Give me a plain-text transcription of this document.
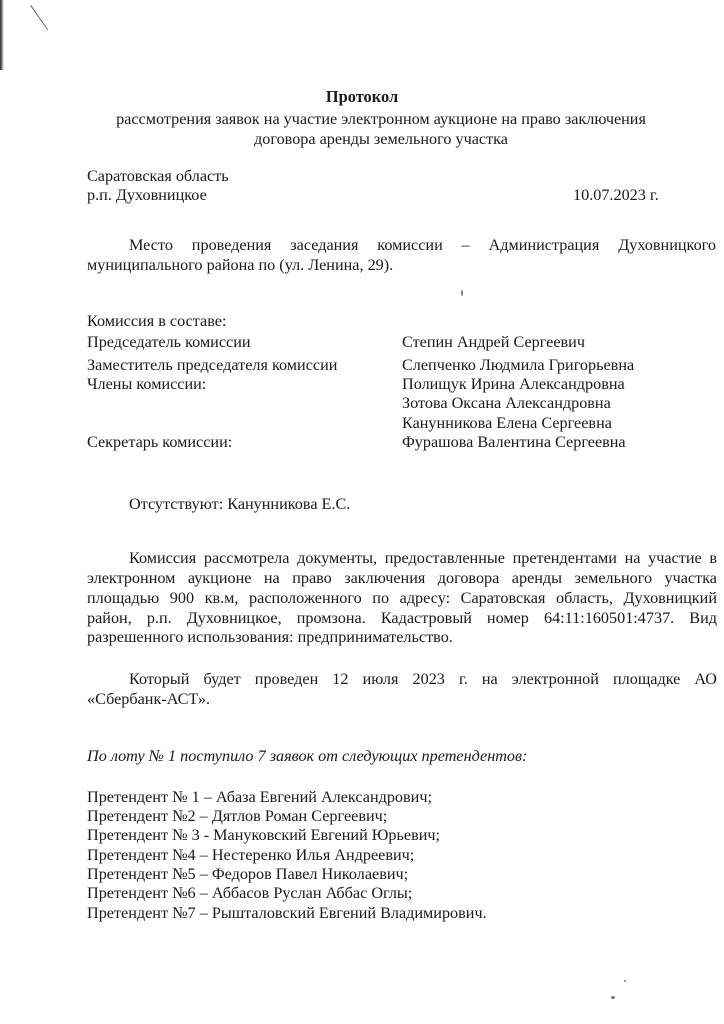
Протокол
рассмотрения заявок на участие электронном аукционе на право заключения
договора аренды земельного участка
Саратовская область
р.п. Духовницкое	10.07.2023 г.
Место проведения заседания комиссии – Администрация Духовницкого
муниципального района по (ул. Ленина, 29).
Комиссия в составе:
Председатель комиссии	Степин Андрей Сергеевич
Заместитель председателя комиссии	Слепченко Людмила Григорьевна
Члены комиссии:	Полищук Ирина Александровна
Зотова Оксана Александровна
Канунникова Елена Сергеевна
Секретарь комиссии:	Фурашова Валентина Сергеевна
Отсутствуют: Канунникова Е.С.
Комиссия рассмотрела документы, предоставленные претендентами на участие в
электронном аукционе на право заключения договора аренды земельного участка
площадью 900 кв.м, расположенного по адресу: Саратовская область, Духовницкий
район, р.п. Духовницкое, промзона. Кадастровый номер 64:11:160501:4737. Вид
разрешенного использования: предпринимательство.
Который будет проведен 12 июля 2023 г. на электронной площадке АО
«Сбербанк-АСТ».
По лоту № 1 поступило 7 заявок от следующих претендентов:
Претендент № 1 – Абаза Евгений Александрович;
Претендент №2 – Дятлов Роман Сергеевич;
Претендент № 3 - Мануковский Евгений Юрьевич;
Претендент №4 – Нестеренко Илья Андреевич;
Претендент №5 – Федоров Павел Николаевич;
Претендент №6 – Аббасов Руслан Аббас Оглы;
Претендент №7 – Рышталовский Евгений Владимирович.
